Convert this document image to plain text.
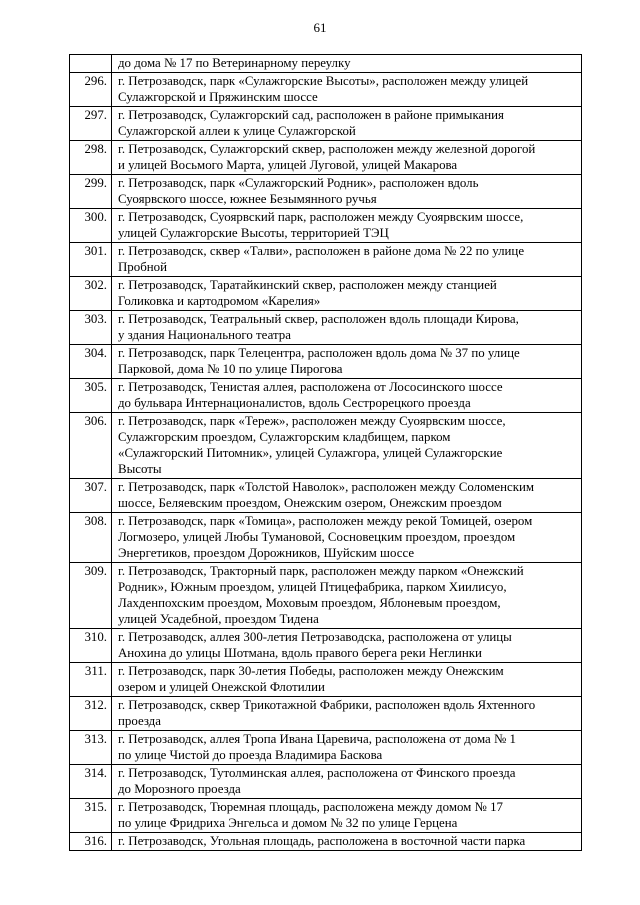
61
	до дома № 17 по Ветеринарному переулку
296.	г. Петрозаводск, парк «Сулажгорские Высоты», расположен между улицей
Сулажгорской и Пряжинским шоссе
297.	г. Петрозаводск, Сулажгорский сад, расположен в районе примыкания
Сулажгорской аллеи к улице Сулажгорской
298.	г. Петрозаводск, Сулажгорский сквер, расположен между железной дорогой
и улицей Восьмого Марта, улицей Луговой, улицей Макарова
299.	г. Петрозаводск, парк «Сулажгорский Родник», расположен вдоль
Суоярвского шоссе, южнее Безымянного ручья
300.	г. Петрозаводск, Суоярвский парк, расположен между Суоярвским шоссе,
улицей Сулажгорские Высоты, территорией ТЭЦ
301.	г. Петрозаводск, сквер «Талви», расположен в районе дома № 22 по улице
Пробной
302.	г. Петрозаводск, Таратайкинский сквер, расположен между станцией
Голиковка и картодромом «Карелия»
303.	г. Петрозаводск, Театральный сквер, расположен вдоль площади Кирова,
у здания Национального театра
304.	г. Петрозаводск, парк Телецентра, расположен вдоль дома № 37 по улице
Парковой, дома № 10 по улице Пирогова
305.	г. Петрозаводск, Тенистая аллея, расположена от Лососинского шоссе
до бульвара Интернационалистов, вдоль Сестрорецкого проезда
306.	г. Петрозаводск, парк «Тереж», расположен между Суоярвским шоссе,
Сулажгорским проездом, Сулажгорским кладбищем, парком
«Сулажгорский Питомник», улицей Сулажгора, улицей Сулажгорские
Высоты
307.	г. Петрозаводск, парк «Толстой Наволок», расположен между Соломенским
шоссе, Беляевским проездом, Онежским озером, Онежским проездом
308.	г. Петрозаводск, парк «Томица», расположен между рекой Томицей, озером
Логмозеро, улицей Любы Тумановой, Сосновецким проездом, проездом
Энергетиков, проездом Дорожников, Шуйским шоссе
309.	г. Петрозаводск, Тракторный парк, расположен между парком «Онежский
Родник», Южным проездом, улицей Птицефабрика, парком Хиилисуо,
Лахденпохским проездом, Моховым проездом, Яблоневым проездом,
улицей Усадебной, проездом Тидена
310.	г. Петрозаводск, аллея 300-летия Петрозаводска, расположена от улицы
Анохина до улицы Шотмана, вдоль правого берега реки Неглинки
311.	г. Петрозаводск, парк 30-летия Победы, расположен между Онежским
озером и улицей Онежской Флотилии
312.	г. Петрозаводск, сквер Трикотажной Фабрики, расположен вдоль Яхтенного
проезда
313.	г. Петрозаводск, аллея Тропа Ивана Царевича, расположена от дома № 1
по улице Чистой до проезда Владимира Баскова
314.	г. Петрозаводск, Тутолминская аллея, расположена от Финского проезда
до Морозного проезда
315.	г. Петрозаводск, Тюремная площадь, расположена между домом № 17
по улице Фридриха Энгельса и домом № 32 по улице Герцена
316.	г. Петрозаводск, Угольная площадь, расположена в восточной части парка
